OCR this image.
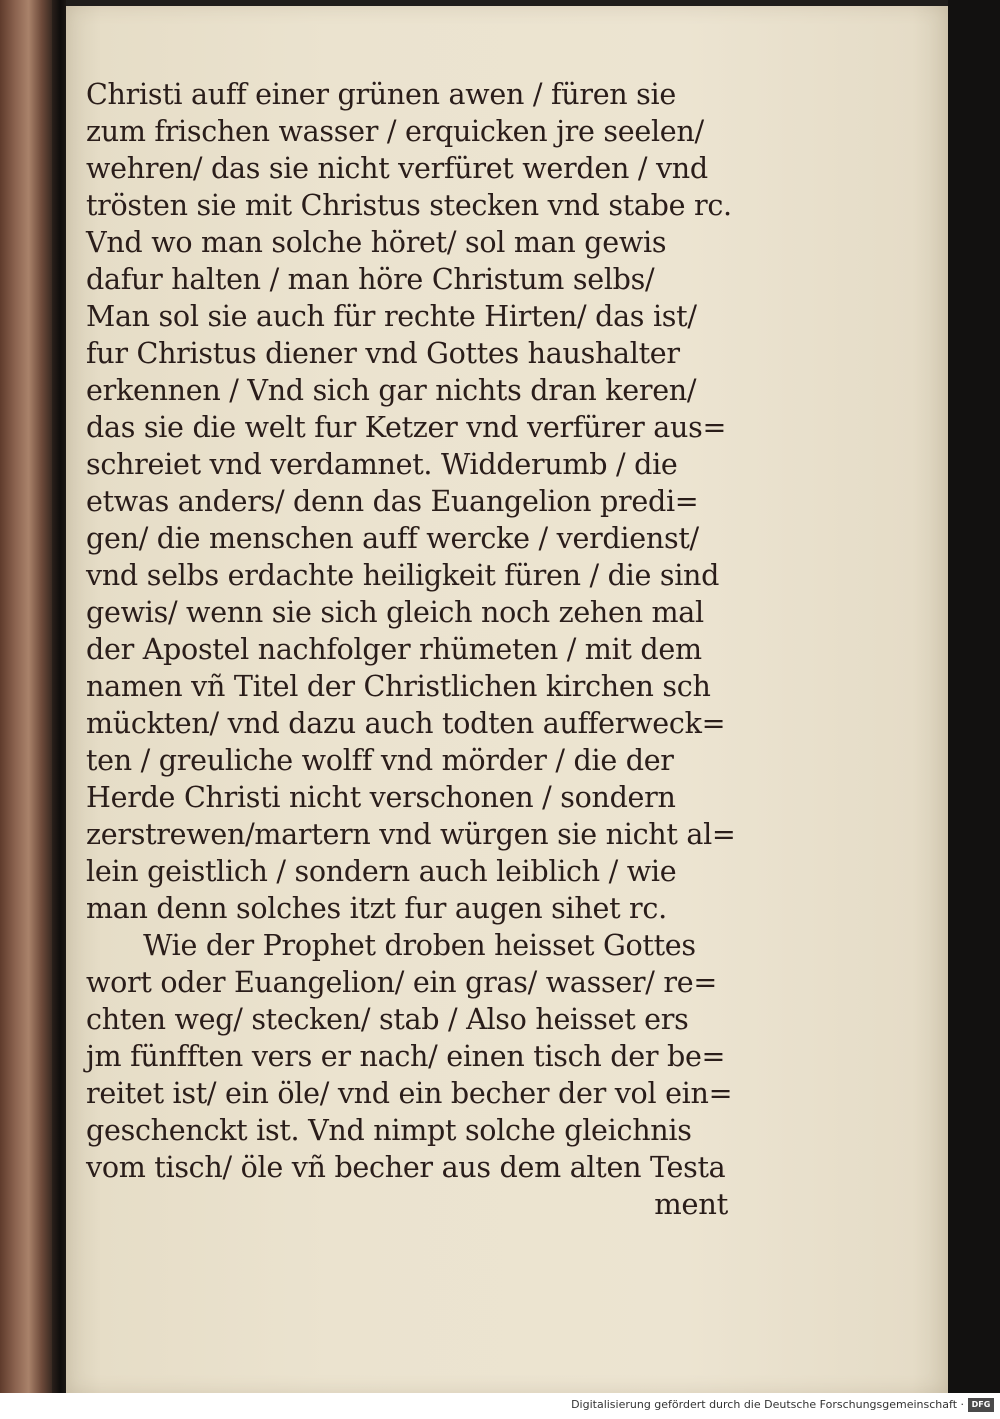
Christi auff einer grünen awen / füren sie
zum frischen wasser / erquicken jre seelen/
wehren/ das sie nicht verfüret werden / vnd
trösten sie mit Christus stecken vnd stabe rc.
Vnd wo man solche höret/ sol man gewis
dafur halten / man höre Christum selbs/
Man sol sie auch für rechte Hirten/ das ist/
fur Christus diener vnd Gottes haushalter
erkennen / Vnd sich gar nichts dran keren/
das sie die welt fur Ketzer vnd verfürer aus=
schreiet vnd verdamnet. Widderumb / die
etwas anders/ denn das Euangelion predi=
gen/ die menschen auff wercke / verdienst/
vnd selbs erdachte heiligkeit füren / die sind
gewis/ wenn sie sich gleich noch zehen mal
der Apostel nachfolger rhümeten / mit dem
namen vñ Titel der Christlichen kirchen sch
mückten/ vnd dazu auch todten aufferweck=
ten / greuliche wolff vnd mörder / die der
Herde Christi nicht verschonen / sondern
zerstrewen/martern vnd würgen sie nicht al=
lein geistlich / sondern auch leiblich / wie
man denn solches itzt fur augen sihet rc.
Wie der Prophet droben heisset Gottes
wort oder Euangelion/ ein gras/ wasser/ re=
chten weg/ stecken/ stab / Also heisset ers
jm fünfften vers er nach/ einen tisch der be=
reitet ist/ ein öle/ vnd ein becher der vol ein=
geschenckt ist. Vnd nimpt solche gleichnis
vom tisch/ öle vñ becher aus dem alten Testa
ment
Digitalisierung gefördert durch die Deutsche Forschungsgemeinschaft · DFG
